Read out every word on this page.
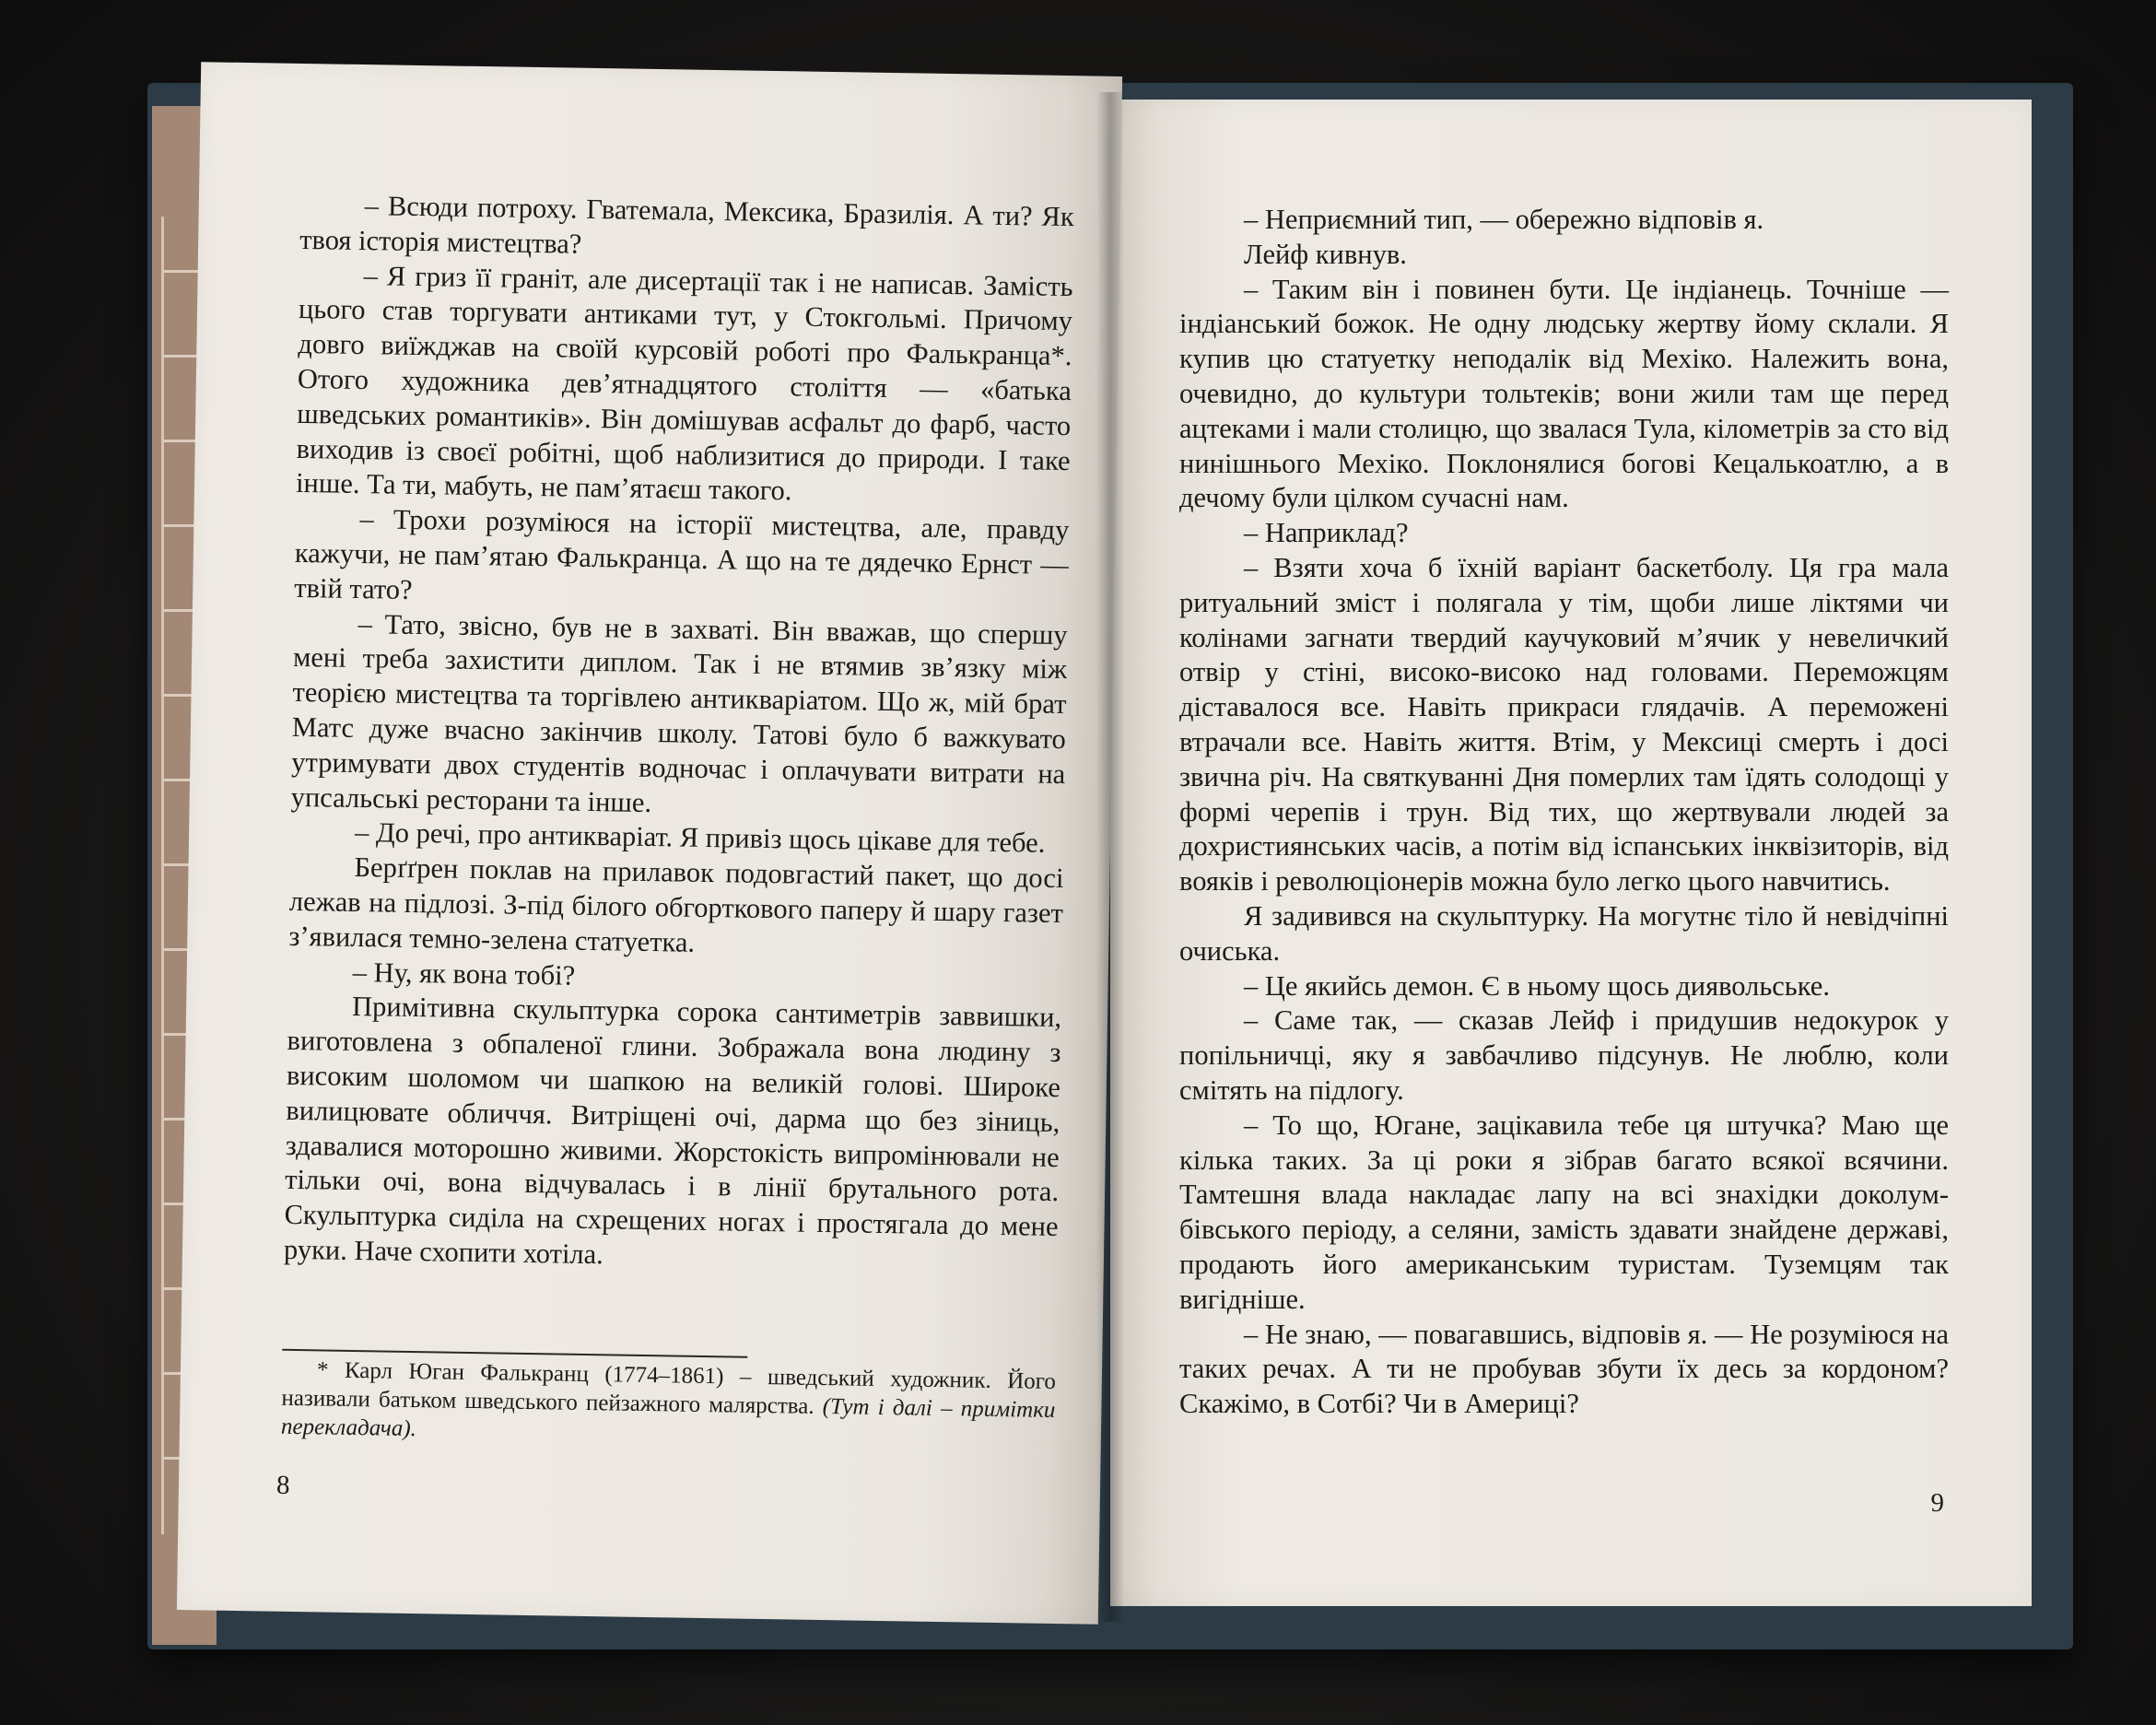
– Неприємний тип, — обережно відповів я.

Лейф кивнув.

– Таким він і повинен бути. Це індіанець. Точніше — індіанський божок. Не одну людську жертву йому склали. Я купив цю статуетку неподалік від Мехіко. Належить вона, очевидно, до культури тольтеків; вони жили там ще перед ацтеками і мали столицю, що звалася Тула, кілометрів за сто від нинішнього Мехіко. Поклонялися богові Кецалькоатлю, а в дечому були цілком сучасні нам.

– Наприклад?

– Взяти хоча б їхній варіант баскетболу. Ця гра мала ритуальний зміст і полягала у тім, щоби лише ліктями чи колінами загнати твердий каучуковий м’ячик у невеличкий отвір у стіні, високо-високо над головами. Переможцям діставалося все. Навіть прикраси глядачів. А переможені втрачали все. Навіть життя. Втім, у Мексиці смерть і досі звична річ. На святкуванні Дня померлих там їдять солодощі у формі черепів і трун. Від тих, що жертвували людей за дохристиянських часів, а потім від іспанських інквізиторів, від вояків і революціонерів можна було легко цього навчитись.

Я задивився на скульптурку. На могутнє тіло й невідчіпні очиська.

– Це якийсь демон. Є в ньому щось диявольське.

– Саме так, — сказав Лейф і придушив недокурок у попільничці, яку я завбачливо підсунув. Не люблю, коли смітять на підлогу.

– То що, Югане, зацікавила тебе ця штучка? Маю ще кілька таких. За ці роки я зібрав багато всякої всячини. Тамтешня влада накладає лапу на всі знахідки доколумбівського періоду, а селяни, замість здавати знайдене державі, продають його американським туристам. Туземцям так вигідніше.

– Не знаю, — повагавшись, відповів я. — Не розуміюся на таких речах. А ти не пробував збути їх десь за кордоном? Скажімо, в Сотбі? Чи в Америці?

9

– Всюди потроху. Гватемала, Мексика, Бразилія. А ти? Як твоя історія мистецтва?

– Я гриз її граніт, але дисертації так і не написав. Замість цього став торгувати антиками тут, у Стокгольмі. Причому довго виїжджав на своїй курсовій роботі про Фалькранца*. Отого художника дев’ятнадцятого століття — «батька шведських романтиків». Він домішував асфальт до фарб, часто виходив із своєї робітні, щоб наблизитися до природи. І таке інше. Та ти, мабуть, не пам’ятаєш такого.

– Трохи розуміюся на історії мистецтва, але, правду кажучи, не пам’ятаю Фалькранца. А що на те дядечко Ернст — твій тато?

– Тато, звісно, був не в захваті. Він вважав, що спершу мені треба захистити диплом. Так і не втямив зв’язку між теорією мистецтва та торгівлею антикваріатом. Що ж, мій брат Матс дуже вчасно закінчив школу. Татові було б важкувато утримувати двох студентів водночас і оплачувати витрати на упсальські ресторани та інше.

– До речі, про антикваріат. Я привіз щось цікаве для тебе.

Берґґрен поклав на прилавок подовгастий пакет, що досі лежав на підлозі. З-під білого обгорткового паперу й шару газет з’явилася темно-зелена статуетка.

– Ну, як вона тобі?

Примітивна скульптурка сорока сантиметрів заввишки, виготовлена з обпаленої глини. Зображала вона людину з високим шоломом чи шапкою на великій голові. Широке вилицювате обличчя. Витріщені очі, дарма що без зіниць, здавалися моторошно живими. Жорстокість випромінювали не тільки очі, вона відчувалась і в лінії брутального рота. Скульптурка сиділа на схрещених ногах і простягала до мене руки. Наче схопити хотіла.

* Карл Юган Фалькранц (1774–1861) – шведський художник. Його називали батьком шведського пейзажного малярства. (Тут і далі – примітки перекладача).

8
